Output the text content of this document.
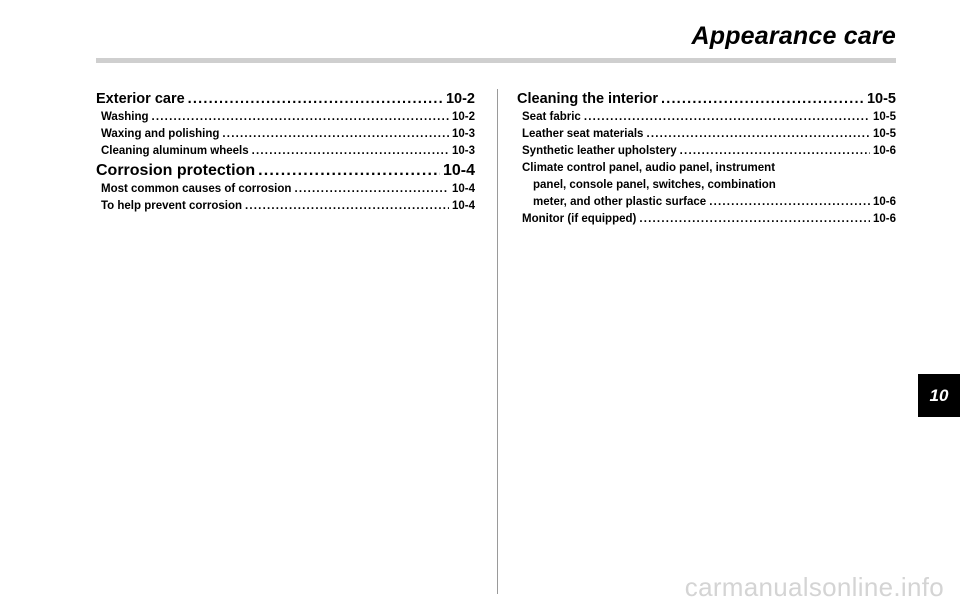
Appearance care
Exterior care .....	10-2
Washing .....	10-2
Waxing and polishing .....	10-3
Cleaning aluminum wheels .....	10-3
Corrosion protection .....	10-4
Most common causes of corrosion .....	10-4
To help prevent corrosion .....	10-4
Cleaning the interior .....	10-5
Seat fabric .....	10-5
Leather seat materials .....	10-5
Synthetic leather upholstery .....	10-6
Climate control panel, audio panel, instrument
panel, console panel, switches, combination
meter, and other plastic surface .....	10-6
Monitor (if equipped) .....	10-6
10
carmanualsonline.info
